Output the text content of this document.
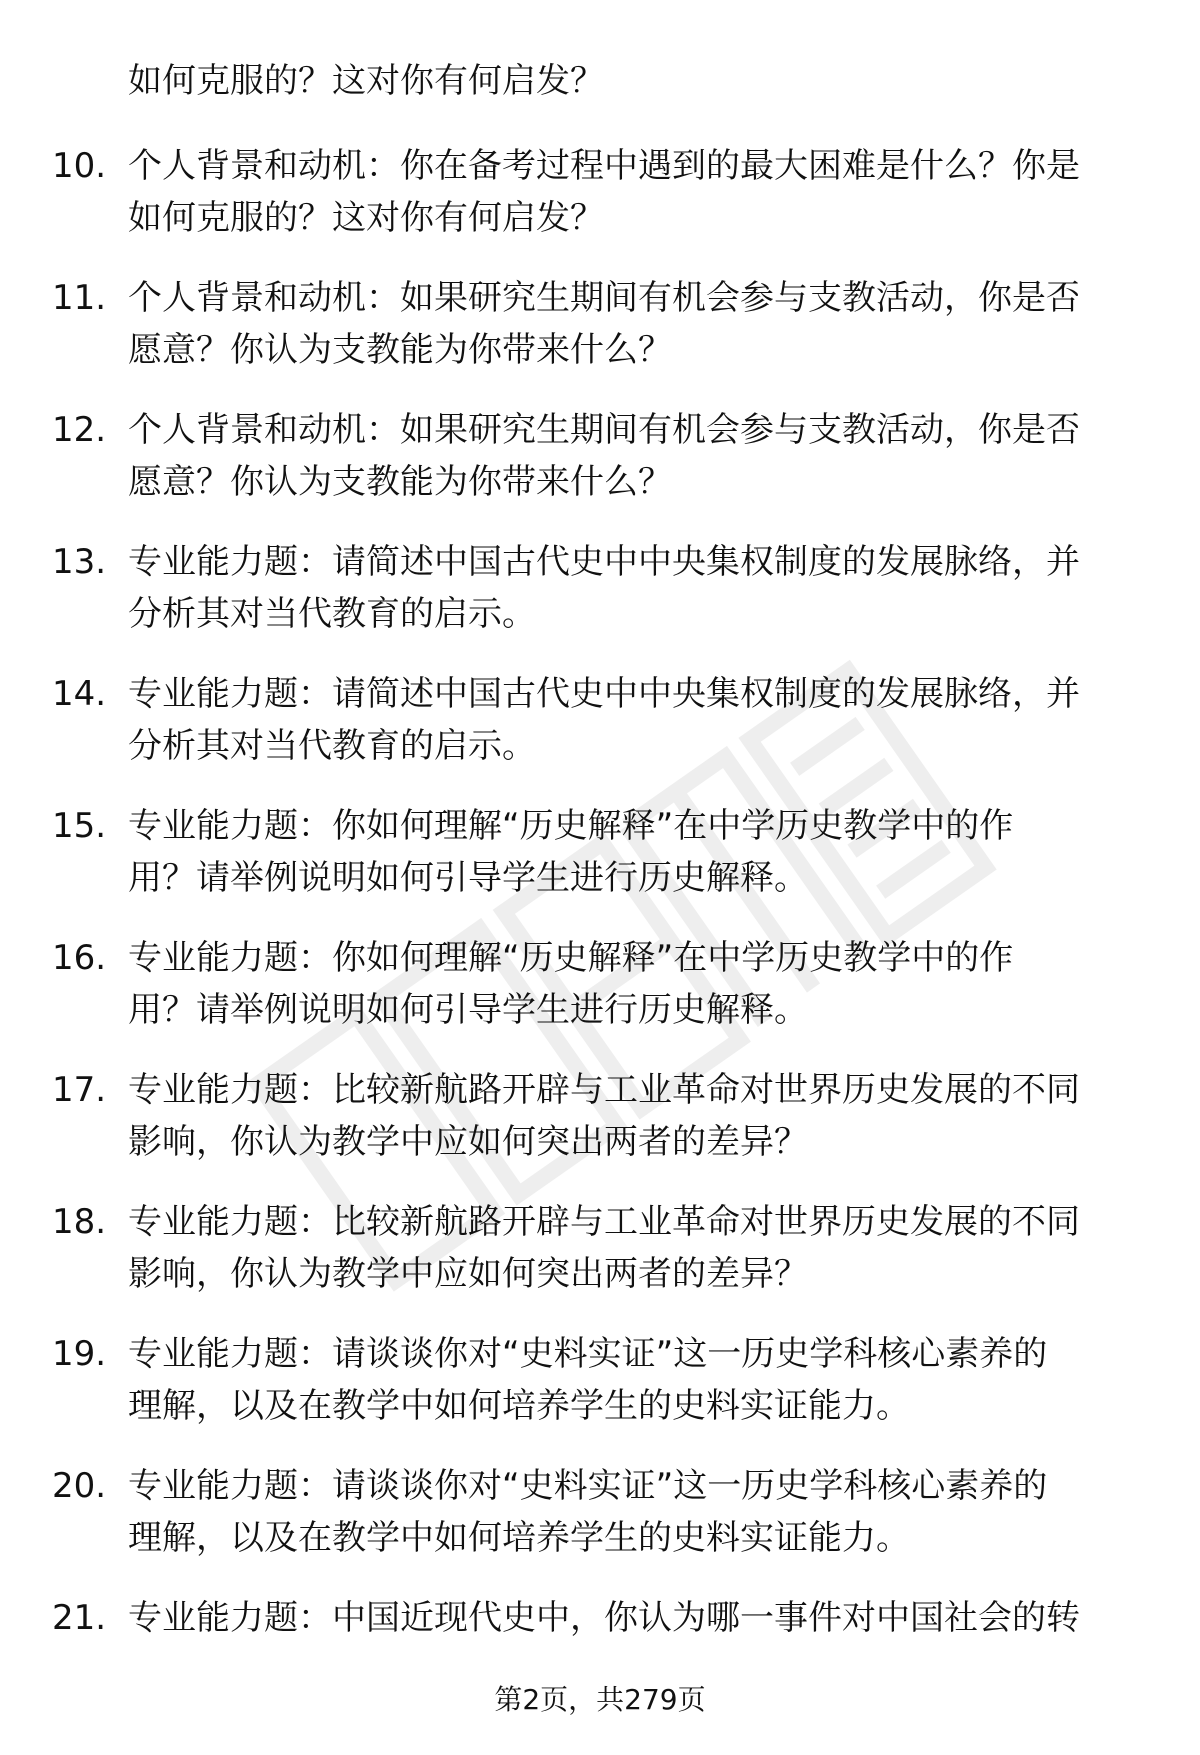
如何克服的？这对你有何启发？
10. 个人背景和动机：你在备考过程中遇到的最大困难是什么？你是
如何克服的？这对你有何启发？
11. 个人背景和动机：如果研究生期间有机会参与支教活动，你是否
愿意？你认为支教能为你带来什么？
12. 个人背景和动机：如果研究生期间有机会参与支教活动，你是否
愿意？你认为支教能为你带来什么？
13. 专业能力题：请简述中国古代史中中央集权制度的发展脉络，并
分析其对当代教育的启示。
14. 专业能力题：请简述中国古代史中中央集权制度的发展脉络，并
分析其对当代教育的启示。
15. 专业能力题：你如何理解“历史解释”在中学历史教学中的作
用？请举例说明如何引导学生进行历史解释。
16. 专业能力题：你如何理解“历史解释”在中学历史教学中的作
用？请举例说明如何引导学生进行历史解释。
17. 专业能力题：比较新航路开辟与工业革命对世界历史发展的不同
影响，你认为教学中应如何突出两者的差异？
18. 专业能力题：比较新航路开辟与工业革命对世界历史发展的不同
影响，你认为教学中应如何突出两者的差异？
19. 专业能力题：请谈谈你对“史料实证”这一历史学科核心素养的
理解，以及在教学中如何培养学生的史料实证能力。
20. 专业能力题：请谈谈你对“史料实证”这一历史学科核心素养的
理解，以及在教学中如何培养学生的史料实证能力。
21. 专业能力题：中国近现代史中，你认为哪一事件对中国社会的转
第2页，共279页
